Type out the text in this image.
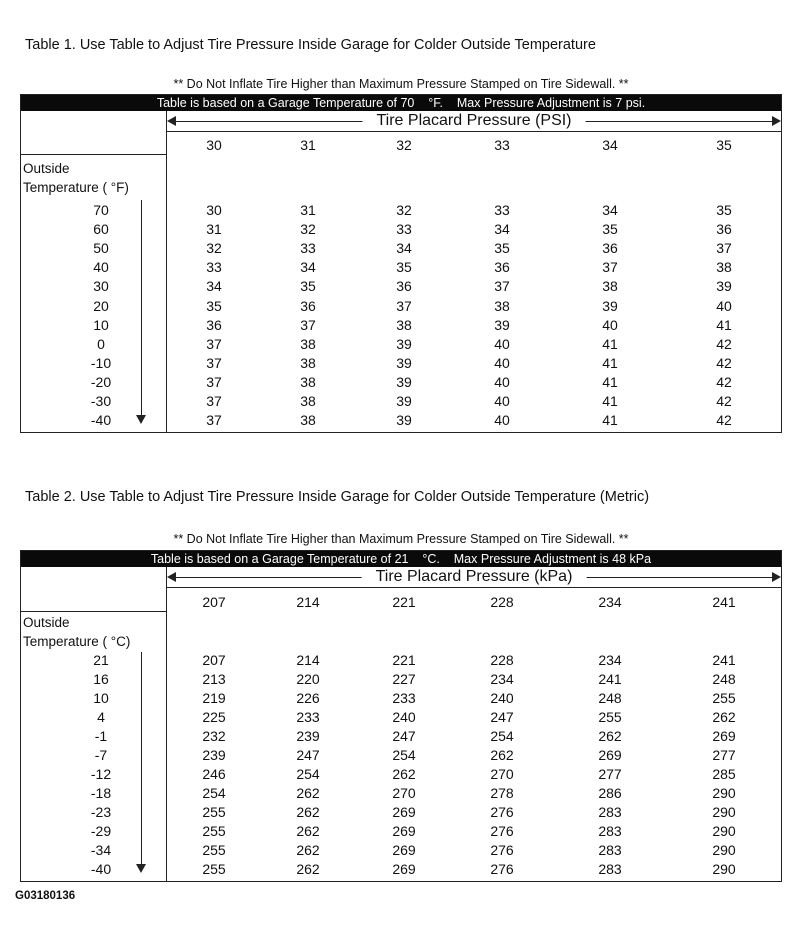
Table 1. Use Table to Adjust Tire Pressure Inside Garage for Colder Outside Temperature
** Do Not Inflate Tire Higher than Maximum Pressure Stamped on Tire Sidewall. **
Table is based on a Garage Temperature of 70    °F.    Max Pressure Adjustment is 7 psi.
Tire Placard Pressure (PSI)
Outside
Temperature ( °F)
30	31	32	33	34	35
70	30	31	32	33	34	35
60	31	32	33	34	35	36
50	32	33	34	35	36	37
40	33	34	35	36	37	38
30	34	35	36	37	38	39
20	35	36	37	38	39	40
10	36	37	38	39	40	41
0	37	38	39	40	41	42
-10	37	38	39	40	41	42
-20	37	38	39	40	41	42
-30	37	38	39	40	41	42
-40	37	38	39	40	41	42
Table 2. Use Table to Adjust Tire Pressure Inside Garage for Colder Outside Temperature (Metric)
** Do Not Inflate Tire Higher than Maximum Pressure Stamped on Tire Sidewall. **
Table is based on a Garage Temperature of 21    °C.    Max Pressure Adjustment is 48 kPa
Tire Placard Pressure (kPa)
Outside
Temperature ( °C)
207	214	221	228	234	241
21	207	214	221	228	234	241
16	213	220	227	234	241	248
10	219	226	233	240	248	255
4	225	233	240	247	255	262
-1	232	239	247	254	262	269
-7	239	247	254	262	269	277
-12	246	254	262	270	277	285
-18	254	262	270	278	286	290
-23	255	262	269	276	283	290
-29	255	262	269	276	283	290
-34	255	262	269	276	283	290
-40	255	262	269	276	283	290
G03180136
